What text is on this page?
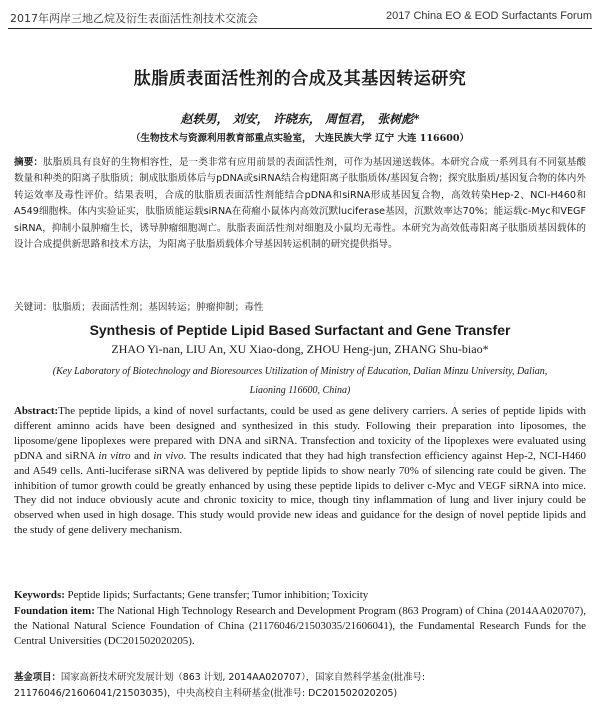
2017年两岸三地乙烷及衍生表面活性剂技术交流会	2017 China EO & EOD Surfactants Forum
肽脂质表面活性剂的合成及其基因转运研究
赵轶男， 刘安， 许晓东， 周恒君， 张树彪*
（生物技术与资源利用教育部重点实验室， 大连民族大学 辽宁 大连 116600）
摘要：肽脂质具有良好的生物相容性，是一类非常有应用前景的表面活性剂，可作为基因递送载体。本研究合成一系列具有不同氨基酸数量和种类的阳离子肽脂质；制成肽脂质体后与pDNA或siRNA结合构建阳离子肽脂质体/基因复合物；探究肽脂质/基因复合物的体内外转运效率及毒性评价。结果表明，合成的肽脂质表面活性剂能结合pDNA和siRNA形成基因复合物，高效转染Hep-2、NCI-H460和A549细胞株。体内实验证实，肽脂质能运载siRNA在荷瘤小鼠体内高效沉默luciferase基因，沉默效率达70%；能运载c-Myc和VEGF siRNA，抑制小鼠肿瘤生长，诱导肿瘤细胞凋亡。肽脂表面活性剂对细胞及小鼠均无毒性。本研究为高效低毒阳离子肽脂质基因载体的设计合成提供新思路和技术方法，为阳离子肽脂质载体介导基因转运机制的研究提供指导。
关键词：肽脂质；表面活性剂；基因转运；肿瘤抑制；毒性
Synthesis of Peptide Lipid Based Surfactant and Gene Transfer
ZHAO Yi-nan, LIU An, XU Xiao-dong, ZHOU Heng-jun, ZHANG Shu-biao*
(Key Laboratory of Biotechnology and Bioresources Utilization of Ministry of Education, Dalian Minzu University, Dalian, Liaoning 116600, China)
Abstract:The peptide lipids, a kind of novel surfactants, could be used as gene delivery carriers. A series of peptide lipids with different aminno acids have been designed and synthesized in this study. Following their preparation into liposomes, the liposome/gene lipoplexes were prepared with DNA and siRNA. Transfection and toxicity of the lipoplexes were evaluated using pDNA and siRNA in vitro and in vivo. The results indicated that they had high transfection efficiency against Hep-2, NCI-H460 and A549 cells. Anti-luciferase siRNA was delivered by peptide lipids to show nearly 70% of silencing rate could be given. The inhibition of tumor growth could be greatly enhanced by using these peptide lipids to deliver c-Myc and VEGF siRNA into mice. They did not induce obviously acute and chronic toxicity to mice, though tiny inflammation of lung and liver injury could be observed when used in high dosage. This study would provide new ideas and guidance for the design of novel peptide lipids and the study of gene delivery mechanism.
Keywords: Peptide lipids; Surfactants; Gene transfer; Tumor inhibition; Toxicity
Foundation item: The National High Technology Research and Development Program (863 Program) of China (2014AA020707), the National Natural Science Foundation of China (21176046/21503035/21606041), the Fundamental Research Funds for the Central Universities (DC201502020205).
基金项目：国家高新技术研究发展计划（863 计划, 2014AA020707），国家自然科学基金(批准号: 21176046/21606041/21503035)，中央高校自主科研基金(批准号: DC201502020205)
